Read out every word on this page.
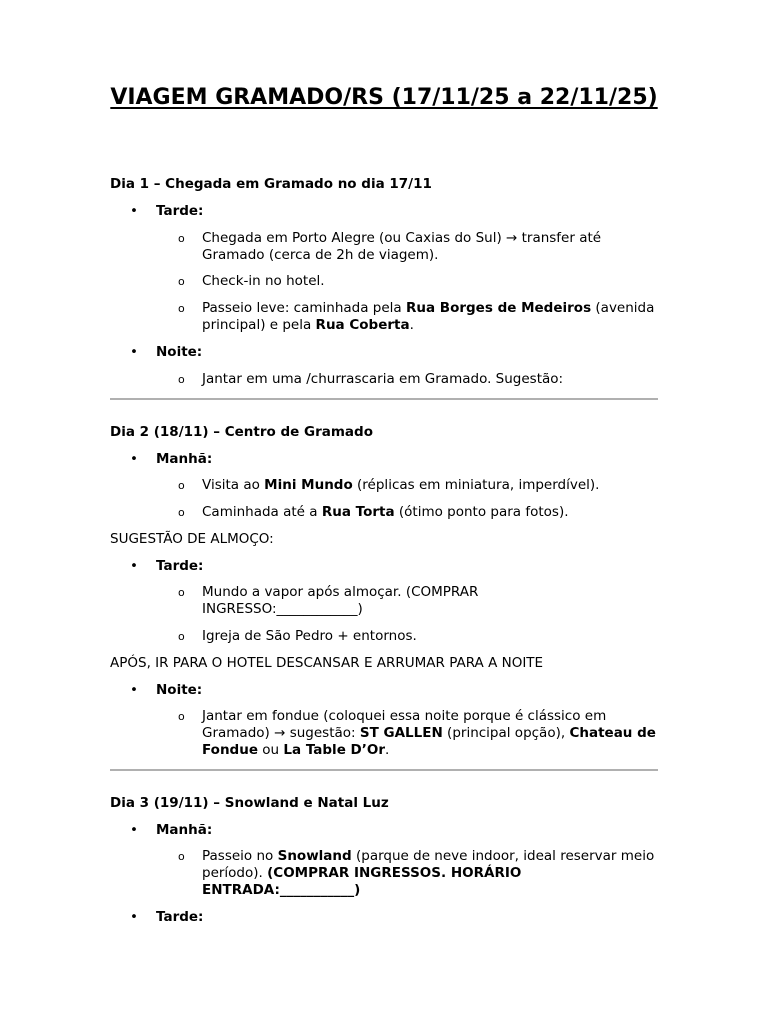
VIAGEM GRAMADO/RS (17/11/25 a 22/11/25)
Dia 1 – Chegada em Gramado no dia 17/11
•	Tarde:
o Chegada em Porto Alegre (ou Caxias do Sul) → transfer até Gramado (cerca de 2h de viagem).
o Check-in no hotel.
o Passeio leve: caminhada pela Rua Borges de Medeiros (avenida principal) e pela Rua Coberta.
•	Noite:
o Jantar em uma /churrascaria em Gramado. Sugestão:
Dia 2 (18/11) – Centro de Gramado
•	Manhã:
o Visita ao Mini Mundo (réplicas em miniatura, imperdível).
o Caminhada até a Rua Torta (ótimo ponto para fotos).
SUGESTÃO DE ALMOÇO:
•	Tarde:
o Mundo a vapor após almoçar. (COMPRAR INGRESSO:____________)
o Igreja de São Pedro + entornos.
APÓS, IR PARA O HOTEL DESCANSAR E ARRUMAR PARA A NOITE
•	Noite:
o Jantar em fondue (coloquei essa noite porque é clássico em Gramado) → sugestão: ST GALLEN (principal opção), Chateau de Fondue ou La Table D’Or.
Dia 3 (19/11) – Snowland e Natal Luz
•	Manhã:
o Passeio no Snowland (parque de neve indoor, ideal reservar meio período). (COMPRAR INGRESSOS. HORÁRIO ENTRADA:___________)
•	Tarde:
